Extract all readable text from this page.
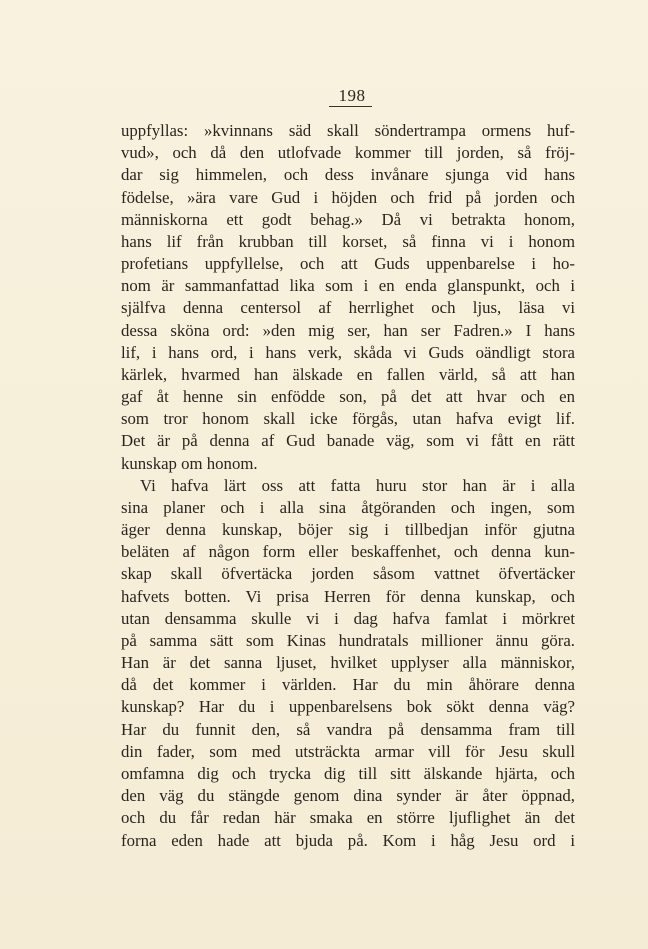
198
uppfyllas: »kvinnans säd skall söndertrampa ormens huf-
vud», och då den utlofvade kommer till jorden, så fröj-
dar sig himmelen, och dess invånare sjunga vid hans
födelse, »ära vare Gud i höjden och frid på jorden och
människorna ett godt behag.» Då vi betrakta honom,
hans lif från krubban till korset, så finna vi i honom
profetians uppfyllelse, och att Guds uppenbarelse i ho-
nom är sammanfattad lika som i en enda glanspunkt, och i
själfva denna centersol af herrlighet och ljus, läsa vi
dessa sköna ord: »den mig ser, han ser Fadren.» I hans
lif, i hans ord, i hans verk, skåda vi Guds oändligt stora
kärlek, hvarmed han älskade en fallen värld, så att han
gaf åt henne sin enfödde son, på det att hvar och en
som tror honom skall icke förgås, utan hafva evigt lif.
Det är på denna af Gud banade väg, som vi fått en rätt
kunskap om honom.
Vi hafva lärt oss att fatta huru stor han är i alla
sina planer och i alla sina åtgöranden och ingen, som
äger denna kunskap, böjer sig i tillbedjan inför gjutna
beläten af någon form eller beskaffenhet, och denna kun-
skap skall öfvertäcka jorden såsom vattnet öfvertäcker
hafvets botten. Vi prisa Herren för denna kunskap, och
utan densamma skulle vi i dag hafva famlat i mörkret
på samma sätt som Kinas hundratals millioner ännu göra.
Han är det sanna ljuset, hvilket upplyser alla människor,
då det kommer i världen. Har du min åhörare denna
kunskap? Har du i uppenbarelsens bok sökt denna väg?
Har du funnit den, så vandra på densamma fram till
din fader, som med utsträckta armar vill för Jesu skull
omfamna dig och trycka dig till sitt älskande hjärta, och
den väg du stängde genom dina synder är åter öppnad,
och du får redan här smaka en större ljuflighet än det
forna eden hade att bjuda på. Kom i håg Jesu ord i
